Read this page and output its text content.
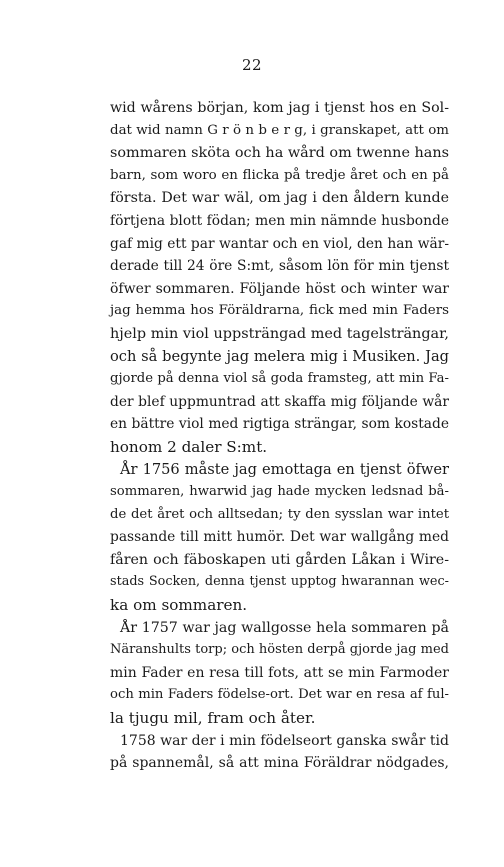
22
wid wårens början, kom jag i tjenst hos en Sol-
dat wid namn G r ö n b e r g, i granskapet, att om
sommaren sköta och ha wård om twenne hans
barn, som woro en flicka på tredje året och en på
första. Det war wäl, om jag i den åldern kunde
förtjena blott födan; men min nämnde husbonde
gaf mig ett par wantar och en viol, den han wär-
derade till 24 öre S:mt, såsom lön för min tjenst
öfwer sommaren. Följande höst och winter war
jag hemma hos Föräldrarna, fick med min Faders
hjelp min viol uppsträngad med tagelsträngar,
och så begynte jag melera mig i Musiken. Jag
gjorde på denna viol så goda framsteg, att min Fa-
der blef uppmuntrad att skaffa mig följande wår
en bättre viol med rigtiga strängar, som kostade
honom 2 daler S:mt.
År 1756 måste jag emottaga en tjenst öfwer
sommaren, hwarwid jag hade mycken ledsnad bå-
de det året och alltsedan; ty den sysslan war intet
passande till mitt humör. Det war wallgång med
fåren och fäboskapen uti gården Låkan i Wire-
stads Socken, denna tjenst upptog hwarannan wec-
ka om sommaren.
År 1757 war jag wallgosse hela sommaren på
Näranshults torp; och hösten derpå gjorde jag med
min Fader en resa till fots, att se min Farmoder
och min Faders födelse-ort. Det war en resa af ful-
la tjugu mil, fram och åter.
1758 war der i min födelseort ganska swår tid
på spannemål, så att mina Föräldrar nödgades,
